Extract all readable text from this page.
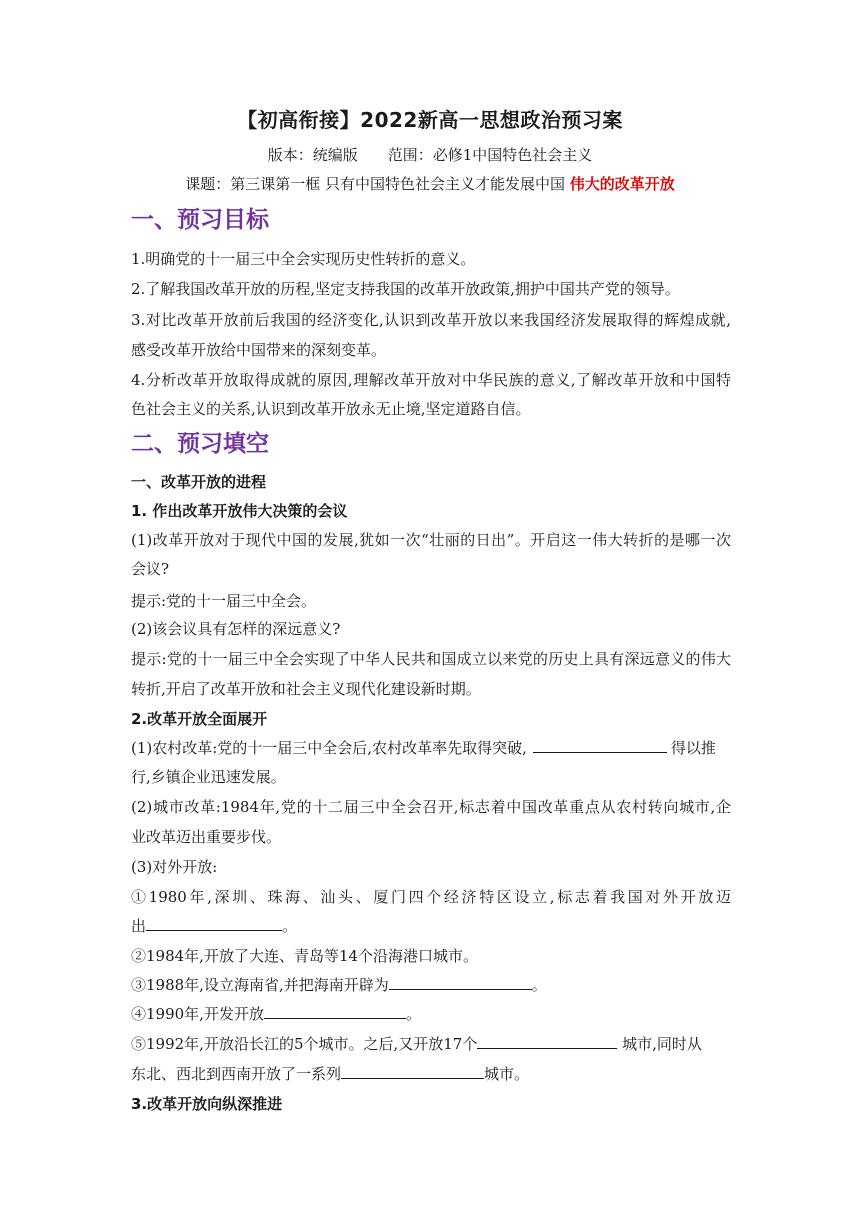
【初高衔接】2022新高一思想政治预习案
版本：统编版 范围：必修1中国特色社会主义
课题：第三课第一框 只有中国特色社会主义才能发展中国 伟大的改革开放
一、预习目标
1.明确党的十一届三中全会实现历史性转折的意义。
2.了解我国改革开放的历程,坚定支持我国的改革开放政策,拥护中国共产党的领导。
3.对比改革开放前后我国的经济变化,认识到改革开放以来我国经济发展取得的辉煌成就,
感受改革开放给中国带来的深刻变革。
4.分析改革开放取得成就的原因,理解改革开放对中华民族的意义,了解改革开放和中国特
色社会主义的关系,认识到改革开放永无止境,坚定道路自信。
二、预习填空
一、改革开放的进程
1. 作出改革开放伟大决策的会议
(1)改革开放对于现代中国的发展,犹如一次“壮丽的日出”。开启这一伟大转折的是哪一次
会议?
提示:党的十一届三中全会。
(2)该会议具有怎样的深远意义?
提示:党的十一届三中全会实现了中华人民共和国成立以来党的历史上具有深远意义的伟大
转折,开启了改革开放和社会主义现代化建设新时期。
2.改革开放全面展开
(1)农村改革:党的十一届三中全会后,农村改革率先取得突破,	得以推
行,乡镇企业迅速发展。
(2)城市改革:1984年,党的十二届三中全会召开,标志着中国改革重点从农村转向城市,企
业改革迈出重要步伐。
(3)对外开放:
①1980年,深圳、珠海、汕头、厦门四个经济特区设立,标志着我国对外开放迈
出	。
②1984年,开放了大连、青岛等14个沿海港口城市。
③1988年,设立海南省,并把海南开辟为	。
④1990年,开发开放	。
⑤1992年,开放沿长江的5个城市。之后,又开放17个	城市,同时从
东北、西北到西南开放了一系列	城市。
3.改革开放向纵深推进
